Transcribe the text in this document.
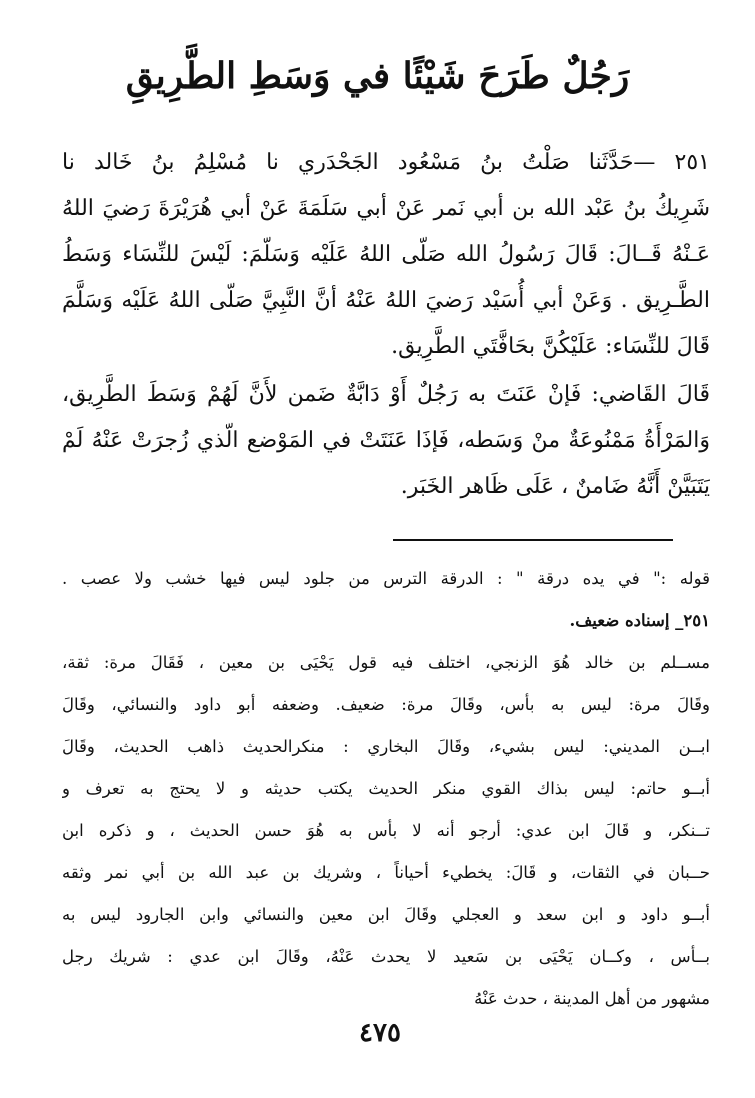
رَجُلٌ طَرَحَ شَيْئًا في وَسَطِ الطَّرِيقِ
٢٥١ —حَدَّثَنا صَلْتُ بنُ مَسْعُود الجَحْدَري نا مُسْلِمُ بنُ خَالد نا
شَرِيكُ بنُ عَبْد الله بن أبي نَمر عَنْ أبي سَلَمَةَ عَنْ أبي هُرَيْرَةَ رَضيَ اللهُ
عَـنْهُ قَــالَ: قَالَ رَسُولُ الله صَلّى اللهُ عَلَيْه وَسَلّمَ: لَيْسَ للنِّسَاء وَسَطُ
الطَّـرِيق . وَعَنْ أبي أُسَيْد رَضيَ اللهُ عَنْهُ أنَّ النَّبِيَّ صَلّى اللهُ عَلَيْه وَسَلَّمَ
قَالَ للنِّسَاء: عَلَيْكُنَّ بحَافَّتَي الطَّرِيق.
قَالَ القَاضي: فَإنْ عَنَتَ به رَجُلٌ أَوْ دَابَّةٌ ضَمن لأَنَّ لَهُمْ وَسَطَ الطَّرِيق،
وَالمَرْأَةُ مَمْنُوعَةٌ منْ وَسَطه، فَإذَا عَنَتَتْ في المَوْضع الّذي زُجرَتْ عَنْهُ لَمْ
يَتَبَيَّنْ أَنَّهُ ضَامنٌ ، عَلَى ظَاهر الخَبَر.
قوله :" في يده درقة " : الدرقة الترس من جلود ليس فيها خشب ولا عصب .
٢٥١_ إسناده ضعيف.
مســلم بن خالد هُوَ الزنجي، اختلف فيه قول يَحْيَى بن معين ، فَقَالَ مرة: ثقة،
وقَالَ مرة: ليس به بأس، وقَالَ مرة: ضعيف. وضعفه أبو داود والنسائي، وقَالَ
ابــن المديني: ليس بشيء، وقَالَ البخاري : منكرالحديث ذاهب الحديث، وقَالَ
أبــو حاتم: ليس بذاك القوي منكر الحديث يكتب حديثه و لا يحتج به تعرف و
تــنكر، و قَالَ ابن عدي: أرجو أنه لا بأس به هُوَ حسن الحديث ، و ذكره ابن
حــبان في الثقات، و قَالَ: يخطيء أحياناً ، وشريك بن عبد الله بن أبي نمر وثقه
أبــو داود و ابن سعد و العجلي وقَالَ ابن معين والنسائي وابن الجارود ليس به
بــأس ، وكــان يَحْيَى بن سَعيد لا يحدث عَنْهُ، وقَالَ ابن عدي : شريك رجل
مشهور من أهل المدينة ، حدث عَنْهُ
٤٧٥
